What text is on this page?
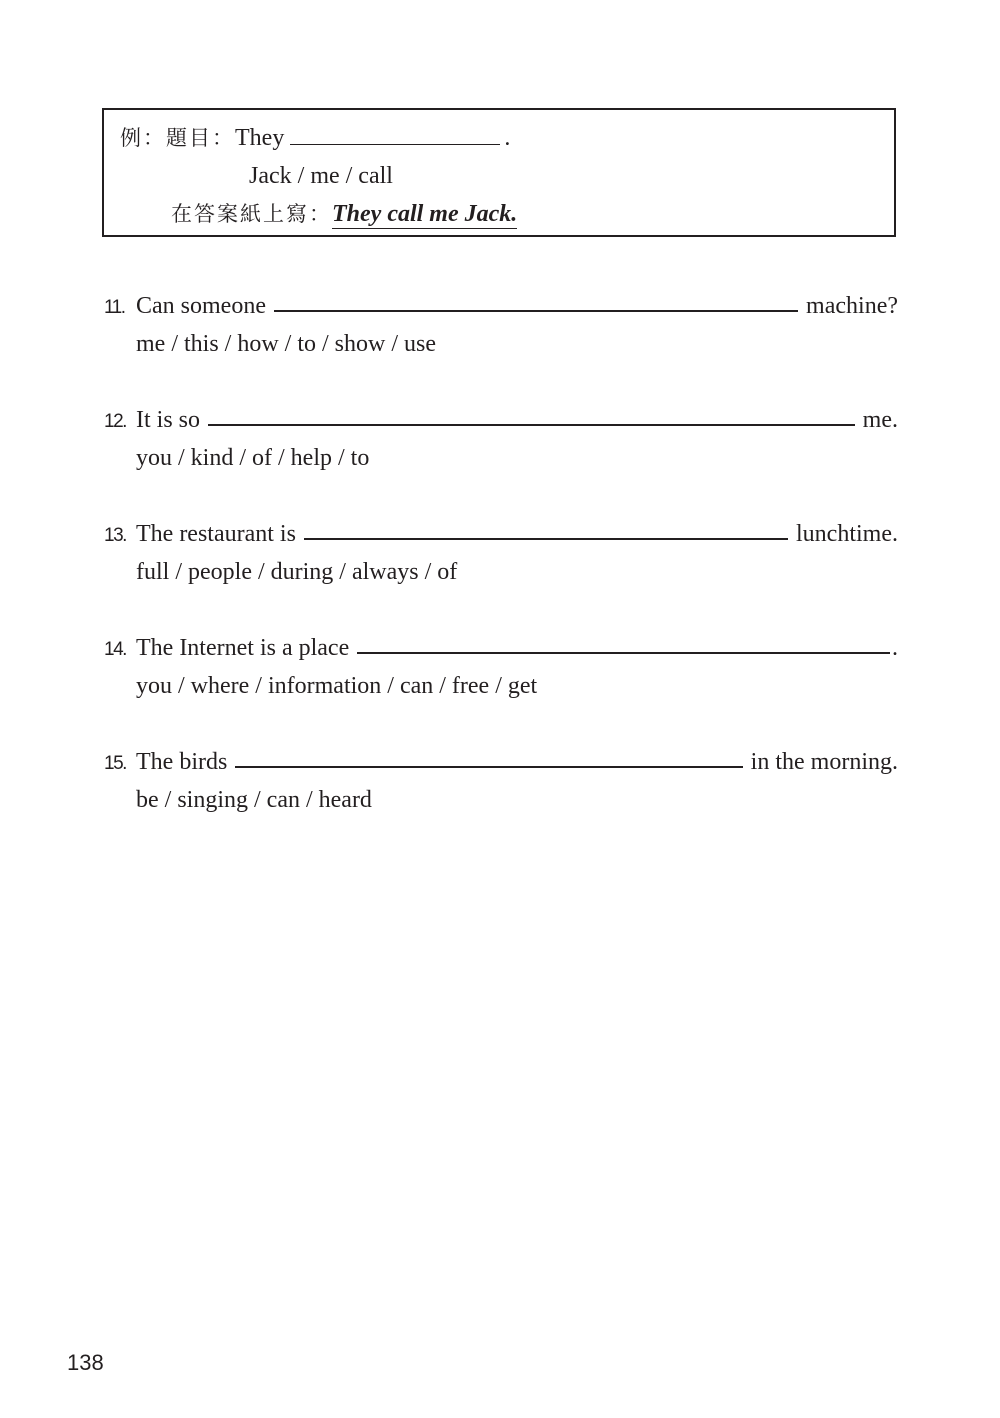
例：題目：They	.
Jack / me / call
在答案紙上寫：They call me Jack.
11. Can someone	machine?
me / this / how / to / show / use
12. It is so	me.
you / kind / of / help / to
13. The restaurant is	lunchtime.
full / people / during / always / of
14. The Internet is a place	.
you / where / information / can / free / get
15. The birds	in the morning.
be / singing / can / heard
138
